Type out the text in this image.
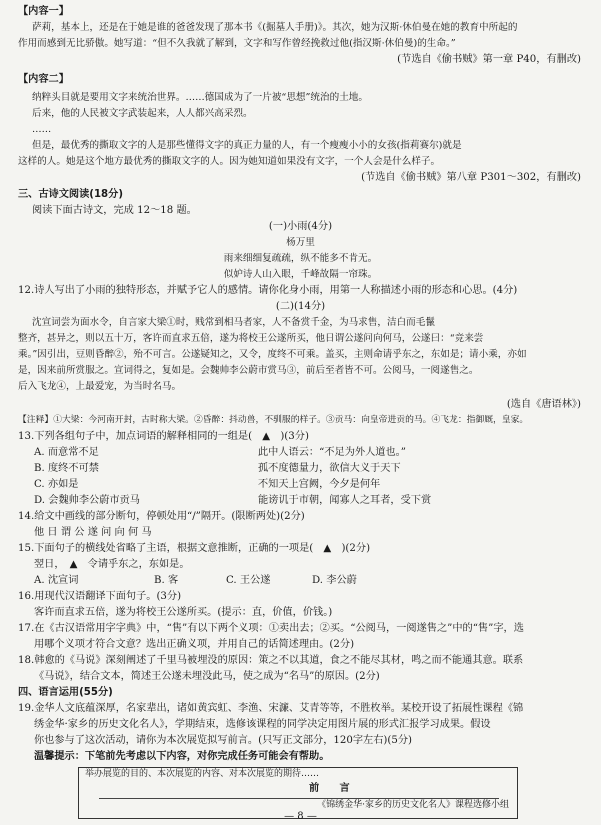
【内容一】
萨莉，基本上，还是在于她是谁的爸爸发现了那本书《(掘墓人手册)》。其次，她为汉斯·休伯曼在她的教育中所起的
作用而感到无比骄傲。她写道：“但不久我就了解到，文字和写作曾经挽救过他(指汉斯·休伯曼)的生命。”
(节选自《偷书贼》第一章 P40，有删改)
【内容二】
纳粹头目就是要用文字来统治世界。……德国成为了一片被“思想”统治的土地。
后来，他的人民被文字武装起来，人人都兴高采烈。
……
但是，最优秀的撕取文字的人是那些懂得文字的真正力量的人，有一个瘦瘦小小的女孩(指莉赛尔)就是
这样的人。她是这个地方最优秀的撕取文字的人。因为她知道如果没有文字，一个人会是什么样子。
(节选自《偷书贼》第八章 P301～302，有删改)
三、古诗文阅读(18分)
阅读下面古诗文，完成 12～18 题。
(一)小雨(4分)
杨万里
雨来细细复疏疏，纵不能多不肯无。
似妒诗人山入眼，千峰故隔一帘珠。
12.诗人写出了小雨的独特形态，并赋予它人的感情。请你化身小雨，用第一人称描述小雨的形态和心思。(4分)
(二)(14分)
沈宣词尝为面水令，自言家大梁①时，贱常到相马者家，人不备赏千金，为马求售，洁白而毛鬣
整齐，甚异之，则以五十万，客许而直求五倍，遂为将校王公遂所买，他日谓公遂问向何马，公遂曰：“竞来尝
乘。”因引出，豆则昏醉②，殆不可言。公遂疑知之，又令，度终不可乘。盖买，主则命请乎东之，东如是；请小乘，亦如
是，因来前所赏服之。宣词得之，复如是。会魏帅李公蔚市赏马③，前后至者皆不可。公阅马，一阅遂售之。
后入飞龙④，上最爱宠，为当时名马。
(选自《唐语林》)
【注释】①大梁：今河南开封，古时称大梁。②昏醉：抖动兽，不驯服的样子。③贡马：向皇帝进贡的马。④飞龙：指御厩，皇家。
13.下列各组句子中，加点词语的解释相同的一组是(　▲　)(3分)
A. 而意常不足	此中人语云：“不足为外人道也。”
B. 度终不可禁	孤不度德量力，欲信大义于天下
C. 亦如是	不知天上宫阙，今夕是何年
D. 会魏帅李公蔚市贡马	能谤讥于市朝，闻寡人之耳者，受下赏
14.给文中画线的部分断句，停顿处用“/”隔开。(限断两处)(2分)
他 日 谓 公 遂 问 向 何 马
15.下面句子的横线处省略了主语，根据文意推断，正确的一项是(　▲　)(2分)
翌日，　▲　令请乎东之，东如是。
A. 沈宣词	B. 客	C. 王公遂	D. 李公蔚
16.用现代汉语翻译下面句子。(3分)
客许而直求五倍，遂为将校王公遂所买。(提示：直，价值，价钱。)
17.在《古汉语常用字字典》中，“售”有以下两个义项：①卖出去；②买。“公阅马，一阅遂售之”中的“售”字，选
用哪个义项才符合文意？选出正确义项，并用自己的话简述理由。(2分)
18.韩愈的《马说》深刻阐述了千里马被埋没的原因：策之不以其道，食之不能尽其材，鸣之而不能通其意。联系
《马说》，结合文本，简述王公遂未埋没此马，使之成为“名马”的原因。(2分)
四、语言运用(55分)
19.金华人文底蕴深厚，名家辈出，诸如黄宾虹、李渔、宋濂、艾青等等，不胜枚举。某校开设了拓展性课程《锦
绣金华·家乡的历史文化名人》，学期结束，选修该课程的同学决定用图片展的形式汇报学习成果。假设
你也参与了这次活动，请你为本次展览拟写前言。(只写正文部分，120字左右)(5分)
温馨提示：下笔前先考虑以下内容，对你完成任务可能会有帮助。
举办展览的目的、本次展览的内容、对本次展览的期待……
前　　言
《锦绣金华·家乡的历史文化名人》课程选修小组
— 8 —
